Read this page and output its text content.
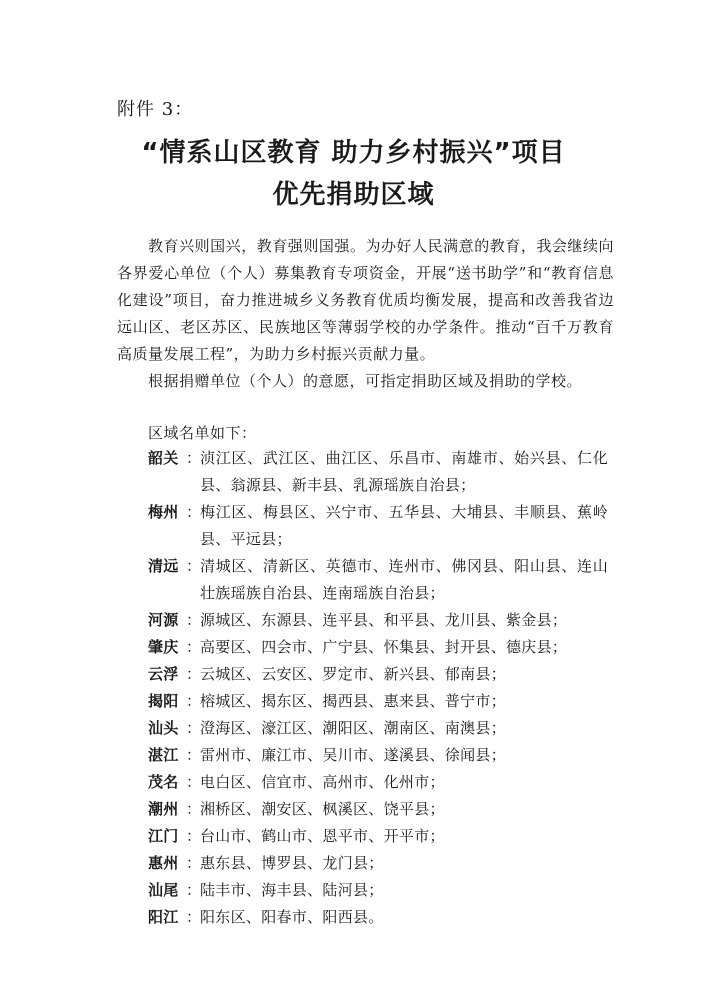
附件 3：
“情系山区教育 助力乡村振兴”项目
优先捐助区域

教育兴则国兴，教育强则国强。为办好人民满意的教育，我会继续向各界爱心单位（个人）募集教育专项资金，开展“送书助学”和“教育信息化建设”项目，奋力推进城乡义务教育优质均衡发展，提高和改善我省边远山区、老区苏区、民族地区等薄弱学校的办学条件。推动“百千万教育高质量发展工程”，为助力乡村振兴贡献力量。

根据捐赠单位（个人）的意愿，可指定捐助区域及捐助的学校。

区域名单如下：
韶关 ：
浈江区、武江区、曲江区、乐昌市、南雄市、始兴县、仁化县、翁源县、新丰县、乳源瑶族自治县；
梅州 ：
梅江区、梅县区、兴宁市、五华县、大埔县、丰顺县、蕉岭县、平远县；
清远 ：
清城区、清新区、英德市、连州市、佛冈县、阳山县、连山壮族瑶族自治县、连南瑶族自治县；
河源 ：
源城区、东源县、连平县、和平县、龙川县、紫金县；
肇庆 ：
高要区、四会市、广宁县、怀集县、封开县、德庆县；
云浮 ：
云城区、云安区、罗定市、新兴县、郁南县；
揭阳 ：
榕城区、揭东区、揭西县、惠来县、普宁市；
汕头 ：
澄海区、濠江区、潮阳区、潮南区、南澳县；
湛江 ：
雷州市、廉江市、吴川市、遂溪县、徐闻县；
茂名 ：
电白区、信宜市、高州市、化州市；
潮州 ：
湘桥区、潮安区、枫溪区、饶平县；
江门 ：
台山市、鹤山市、恩平市、开平市；
惠州 ：
惠东县、博罗县、龙门县；
汕尾 ：
陆丰市、海丰县、陆河县；
阳江 ：
阳东区、阳春市、阳西县。
